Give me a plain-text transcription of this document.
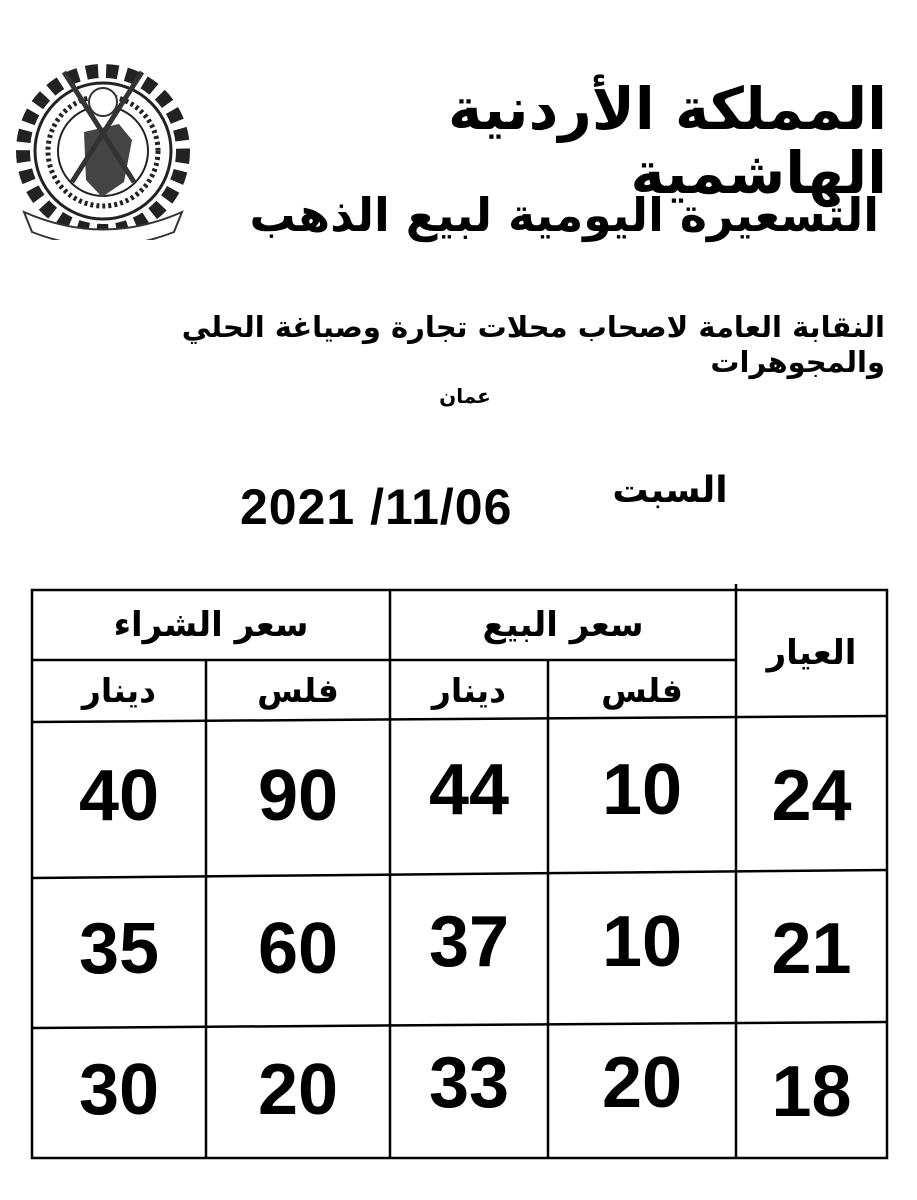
المملكة الأردنية الهاشمية
التسعيرة اليومية لبيع الذهب
النقابة العامة لاصحاب محلات تجارة وصياغة الحلي والمجوهرات
عمان
2021 /11/06	السبت
العيار
سعر البيع
سعر الشراء
فلس
دينار
فلس
دينار
24
10
44
90
40
21
10
37
60
35
18
20
33
20
30
